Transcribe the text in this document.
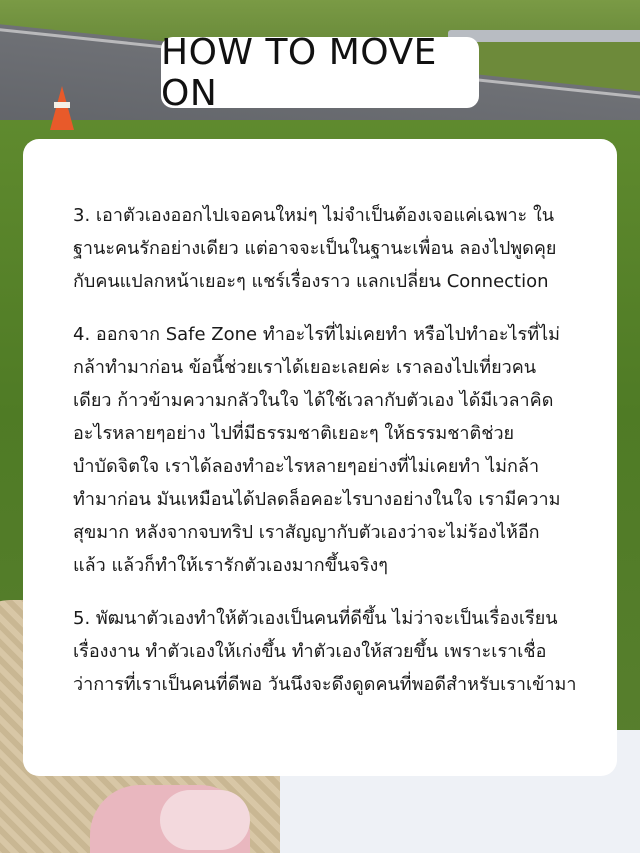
HOW TO MOVE ON

3. เอาตัวเองออกไปเจอคนใหม่ๆ ไม่จำเป็นต้องเจอแค่เฉพาะ ใน
ฐานะคนรักอย่างเดียว แต่อาจจะเป็นในฐานะเพื่อน ลองไปพูดคุย
กับคนแปลกหน้าเยอะๆ แชร์เรื่องราว แลกเปลี่ยน Connection

4. ออกจาก Safe Zone ทำอะไรที่ไม่เคยทำ หรือไปทำอะไรที่ไม่
กล้าทำมาก่อน ข้อนี้ช่วยเราได้เยอะเลยค่ะ เราลองไปเที่ยวคน
เดียว ก้าวข้ามความกลัวในใจ ได้ใช้เวลากับตัวเอง ได้มีเวลาคิด
อะไรหลายๆอย่าง ไปที่มีธรรมชาติเยอะๆ ให้ธรรมชาติช่วย
บำบัดจิตใจ เราได้ลองทำอะไรหลายๆอย่างที่ไม่เคยทำ ไม่กล้า
ทำมาก่อน มันเหมือนได้ปลดล็อคอะไรบางอย่างในใจ เรามีความ
สุขมาก หลังจากจบทริป เราสัญญากับตัวเองว่าจะไม่ร้องไห้อีก
แล้ว แล้วก็ทำให้เรารักตัวเองมากขึ้นจริงๆ

5. พัฒนาตัวเองทำให้ตัวเองเป็นคนที่ดีขึ้น ไม่ว่าจะเป็นเรื่องเรียน
เรื่องงาน ทำตัวเองให้เก่งขึ้น ทำตัวเองให้สวยขึ้น เพราะเราเชื่อ
ว่าการที่เราเป็นคนที่ดีพอ วันนึงจะดึงดูดคนที่พอดีสำหรับเราเข้ามา
